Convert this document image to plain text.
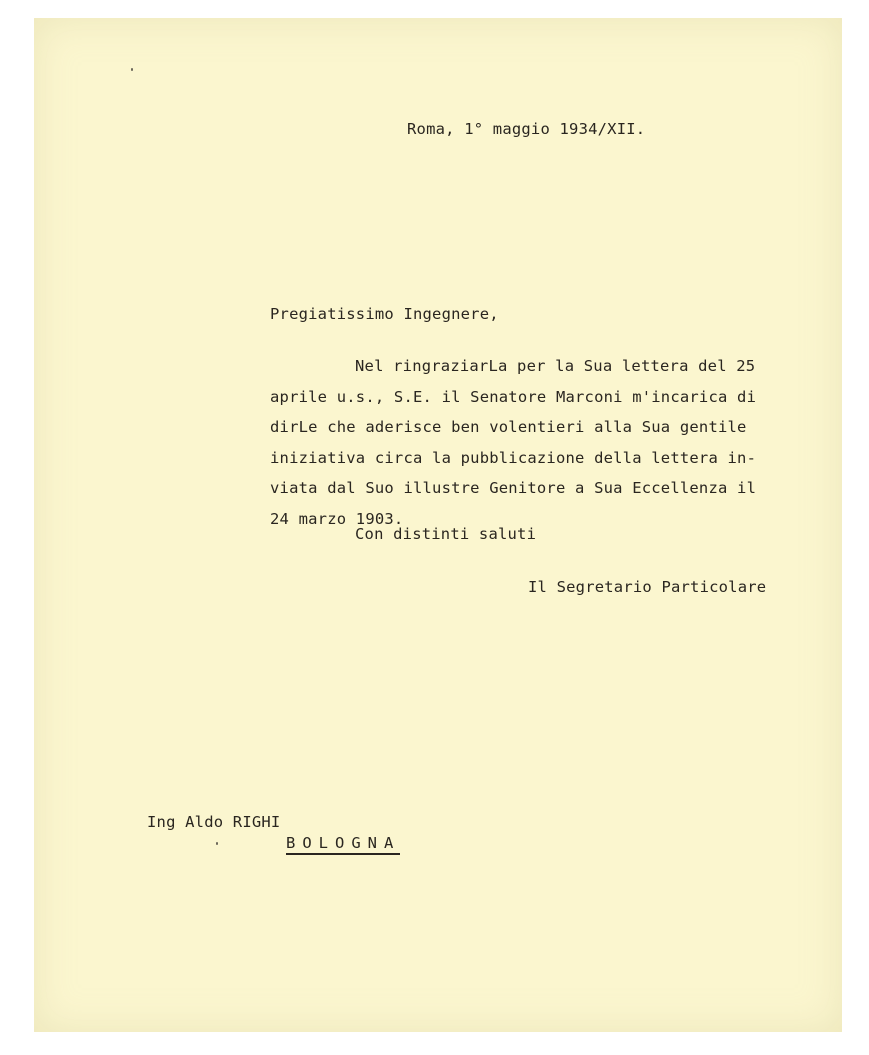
Roma, 1° maggio 1934/XII.
Pregiatissimo Ingegnere,
Nel ringraziarLa per la Sua lettera del 25
aprile u.s., S.E. il Senatore Marconi m'incarica di
dirLe che aderisce ben volentieri alla Sua gentile
iniziativa circa la pubblicazione della lettera in-
viata dal Suo illustre Genitore a Sua Eccellenza il
24 marzo 1903.
Con distinti saluti
Il Segretario Particolare
Ing Aldo RIGHI
BOLOGNA
